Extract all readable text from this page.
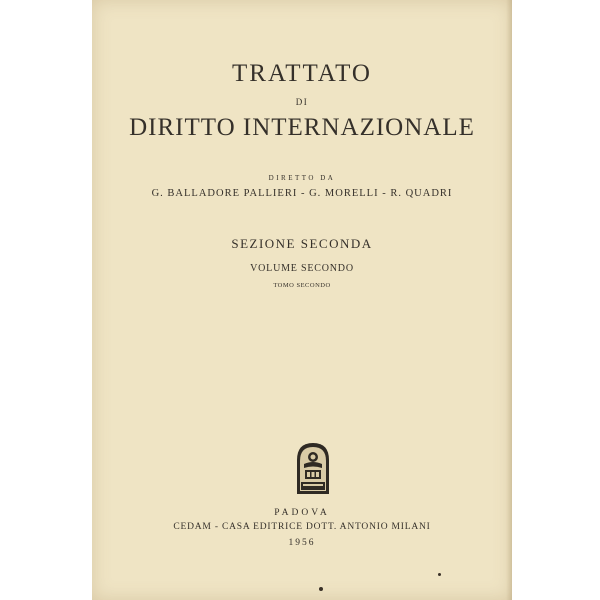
TRATTATO
DI
DIRITTO INTERNAZIONALE
DIRETTO DA
G. BALLADORE PALLIERI - G. MORELLI - R. QUADRI
SEZIONE SECONDA
VOLUME SECONDO
TOMO SECONDO
PADOVA
CEDAM - CASA EDITRICE DOTT. ANTONIO MILANI
1956
